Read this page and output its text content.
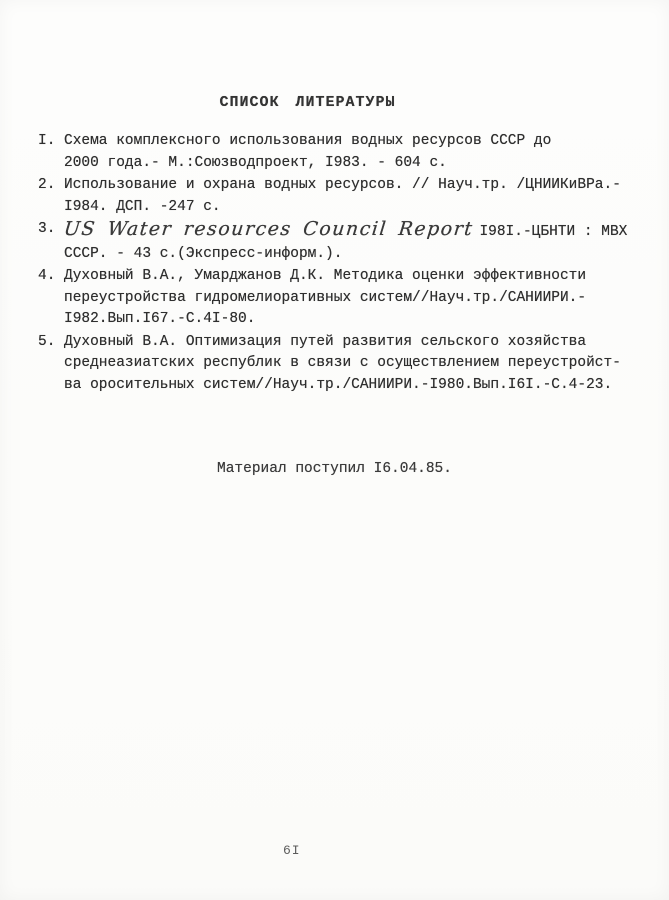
СПИСОК ЛИТЕРАТУРЫ
I. Схема комплексного использования водных ресурсов СССР до
2000 года.- М.:Союзводпроект, I983. - 604 с.
2. Использование и охрана водных ресурсов. // Науч.тр. /ЦНИИКиВРа.-
I984. ДСП. -247 с.
3. US Water resources Council Report I98I.-ЦБНТИ : МВХ
СССР. - 43 с.(Экспресс-информ.).
4. Духовный В.А., Умарджанов Д.К. Методика оценки эффективности
переустройства гидромелиоративных систем//Науч.тр./САНИИРИ.-
I982.Вып.I67.-С.4I-80.
5. Духовный В.А. Оптимизация путей развития сельского хозяйства
среднеазиатских республик в связи с осуществлением переустройст-
ва оросительных систем//Науч.тр./САНИИРИ.-I980.Вып.I6I.-С.4-23.
Материал поступил I6.04.85.
6I
